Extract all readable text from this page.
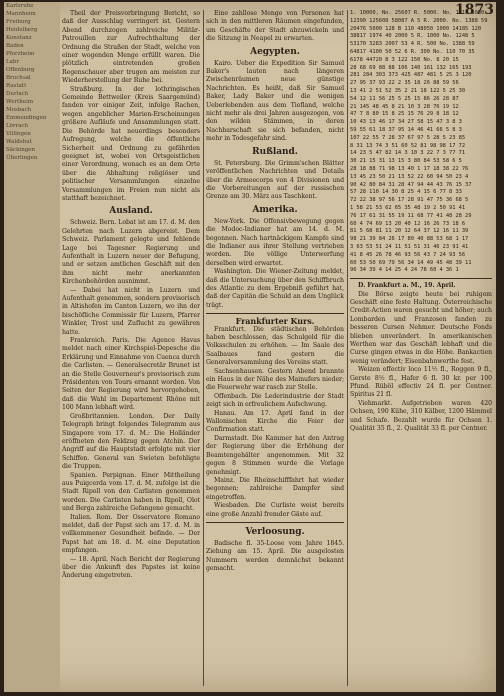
Karlsruhe
Mannheim
Freiburg
Heidelberg
Konstanz
Baden
Pforzheim
Lahr
Offenburg
Bruchsal
Rastatt
Durlach
Wertheim
Mosbach
Emmendingen
Lörrach
Villingen
Waldshut
Säckingen
Überlingen
1873

Theil der Preisvorbringung Bericht, so daß der Ausschlag verringert ist. Gestern Abend durchzogen zahlreiche Militär-Patrouillen zur Aufrechthaltung der Ordnung die Straßen der Stadt, welche von einer wogenden Menge erfüllt waren. Die plötzlich eintretenden großen Regenschauer aber trugen am meisten zur Wiederherstellung der Ruhe bei.

Straßburg. In der lothringischen Gemeinde Bettweiler (Kreis Saargemünd) fanden vor einiger Zeit, infolge Rachen, wegen angeblicher Marien-Erscheinungen größere Aufläufe und Ansammlungen statt. Die Behörde hat neuerdings besonders Aufregung, welche die öffentliche Sicherheit und Ordnung zu gefährden geeignet ist, wobei von Ortsgeistlichen einer Verordnung, wonach es an dem Orte über die Abhaltung religiöser und politischer Versammlungen einzelne Versammlungen im Freien nun nicht als statthaft bezeichnet.

Ausland.

Schweiz. Bern. Lobat ist am 17. d. M. den Gelehrten nach Luzern abgereist. Dem Schweiz. Parlament gelegte und fehlende Lage bei Tagesner Regierung und Aufenthalt in Luzern neuer der Befugung, und er setzen amtlichen Geschäft mit den ihm nicht mehr anerkannten Kirchenbehörden ausnimmt.

— Dabei hat nicht in Luzern und Aufenthalt genommen, sondern provisorisch in Altishofen im Canton Luzern, wo ihn der bischöfliche Commissär für Luzern, Pfarrer Winkler, Trost und Zuflucht zu gewähren hatte.

Frankreich. Paris. Die Agence Havas meldet nach einer Kirchspiel-Depesche die Erklärung und Einnahme von Cuenca durch die Carlisten. — Generalsecretär Brunet ist an die Stelle Gouverneur's provisorisch zum Präsidenten von Tours ernannt worden. Von Seiten der Regierung wird hervorgehoben, daß die Wahl im Departement Rhône mit 100 Mann lebhaft wird.

Großbritannien. London. Der Daily Telegraph bringt folgendes Telegramm aus Singapore vom 17. d. M.: Die Holländer eröffneten den Feldzug gegen Atchin. Der Angriff auf die Hauptstadt erfolgte mit vier Schiffen. General van Swieten befehligte die Truppen.

Spanien. Perpignan. Einer Mittheilung aus Puigcerda vom 17. d. M. zufolge ist die Stadt Ripoll von den Carlisten genommen worden. Die Carlisten haben in Ripoll, Olot und Berga zahlreiche Gefangene gemacht.

Italien. Rom. Der Osservatore Romano meldet, daß der Papst sich am 17. d. M. in vollkommener Gesundheit befinde. — Der Papst hat am 18. d. M. eine Deputation empfangen.

— 18. April. Nach Bericht der Regierung über die Ankunft des Papstes ist keine Änderung eingetreten.

Eine zahllose Menge von Personen hat sich in den mittleren Räumen eingefunden, um Geschäfte der Stadt abzuwickeln und die Sitzung in Neapel zu erwarten.

Aegypten.

Kairo. Ueber die Expedition Sir Samuel Baker's lauten nach längeren Zwischenräumen neue günstige Nachrichten. Es heißt, daß Sir Samuel Baker, Lady Baker und die wenigen Ueberlebenden aus dem Tiefland, welche nicht mehr als drei Jahren ausgezogen, von den wilden Stämmen, in deren Nachbarschaft sie sich befanden, nicht mehr in Todesgefahr sind.

Rußland.

St. Petersburg. Die Grimm'schen Blätter veröffentlichen Nachrichten und Details über die Armeecorps von 4 Divisionen und die Vorbereitungen auf der russischen Grenze am 30. März aus Taschkent.

Amerika.

New-York. Die Offensivbewegung gegen die Modoc-Indianer hat am 14. d. M. begonnen. Nach hartnäckigem Kampfe sind die Indianer aus ihrer Stellung vertrieben worden. Die völlige Unterwerfung derselben wird erwartet.

Washington. Die Wiener-Zeitung meldet, daß die Untersuchung über den Schiffbruch des Atlantic zu dem Ergebniß geführt hat, daß der Capitän die Schuld an dem Unglück trägt.

Frankfurter Kurs.

Frankfurt. Die städtischen Behörden haben beschlossen, das Schulgeld für die Volksschulen zu erhöhen. — Im Saale des Saalbaues fand gestern die Generalversammlung des Vereins statt.

Sachsenhausen. Gestern Abend brannte ein Haus in der Nähe des Mainufers nieder; die Feuerwehr war rasch zur Stelle.

Offenbach. Die Lederindustrie der Stadt zeigt sich in erfreulichem Aufschwung.

Hanau. Am 17. April fand in der Wallonischen Kirche die Feier der Confirmation statt.

Darmstadt. Die Kammer hat den Antrag der Regierung über die Erhöhung der Beamtengehälter angenommen. Mit 32 gegen 8 Stimmen wurde die Vorlage genehmigt.

Mainz. Die Rheinschifffahrt hat wieder begonnen; zahlreiche Dampfer sind eingetroffen.

Wiesbaden. Die Curliste weist bereits eine große Anzahl fremder Gäste auf.

Verloosung.

Badische fl. 35-Loose vom Jahre 1845. Ziehung am 15. April. Die ausgelosten Nummern werden demnächst bekannt gemacht.

1. 10000, No. 25607 R. 5000. No. 1818 5000
12390 125608 58087 A 5 R. 2000. No. 1388 59
20476 5000 128 B 110 48050 1000 14185 120
38817 1974 40 2000 5 R. 1000 No. 1248 5
53170 3283 2007 53 4 R. 500 No. 1388 59
64817 4100 50 52 6 R. 300 No. 110 70 35
6178 44720 8 3 122 150 No. 8 20 15
28 68 69 88 88 106 140 161 132 165 193
281 284 303 373 425 487 481 5 25 3 120
27 95 37 93 22 2 35 18 26 88 59 56
13 41 2 51 52 35 2 21 18 122 5 25 30
54 12 11 56 25 5 25 15 86 26 28 87
21 145 48 45 8 21 10 3 28 76 19 12
47 7 8 80 15 8 25 15 76 29 8 18 12
10 43 13 46 17 34 27 58 15 47 3 8 3
59 55 61 18 37 95 14 46 41 66 5 8 3
107 22 55 7 28 37 67 97 5 28 5 23 85
8 31 13 74 3 51 60 52 81 98 98 17 72
14 23 5 47 82 14 3 10 3 22 7 3 77 71
30 21 15 31 13 15 3 80 84 53 58 6 5
28 18 88 71 98 13 40 1 17 18 38 22 76
13 45 23 50 21 13 52 22 60 94 50 23 4
90 42 80 84 31 28 47 94 44 43 76 15 37
57 28 110 14 30 8 25 4 15 6 77 8 33
72 22 38 97 56 17 28 91 47 75 36 68 5
1 58 21 53 62 65 35 48 19 2 50 91 41
76 17 61 31 55 19 11 68 77 41 48 28 29
60 4 74 69 13 20 40 12 16 26 73 18 6
81 5 68 81 11 20 12 64 37 12 16 11 39
98 21 39 84 26 17 80 40 88 53 68 1 17
3 63 53 51 24 11 51 51 31 46 23 91 41
41 8 45 26 78 46 93 56 43 7 24 93 56
60 53 50 69 79 56 34 14 49 45 48 39 11
96 34 39 4 14 25 4 24 78 60 4 36 1

D. Frankfurt a. M., 19. April.

Die Börse zeigte heute bei ruhigem Geschäft eine feste Haltung. Österreichische Credit-Actien waren gesucht und höher; auch Lombarden und Franzosen fanden zu besseren Cursen Nehmer. Deutsche Fonds blieben unverändert. In amerikanischen Werthen war das Geschäft lebhaft und die Curse gingen etwas in die Höhe. Bankactien wenig verändert; Eisenbahnwerthe fest.

Weizen effectiv loco 11½ fl., Roggen 9 fl., Gerste 8½ fl., Hafer 6 fl. 30 kr. per 100 Pfund. Rüböl effectiv 24 fl. per Centner. Spiritus 21 fl.

Viehmarkt. Aufgetrieben waren 420 Ochsen, 190 Kühe, 310 Kälber, 1200 Hämmel und Schafe. Bezahlt wurde für Ochsen 1. Qualität 35 fl., 2. Qualität 33 fl. per Centner.
